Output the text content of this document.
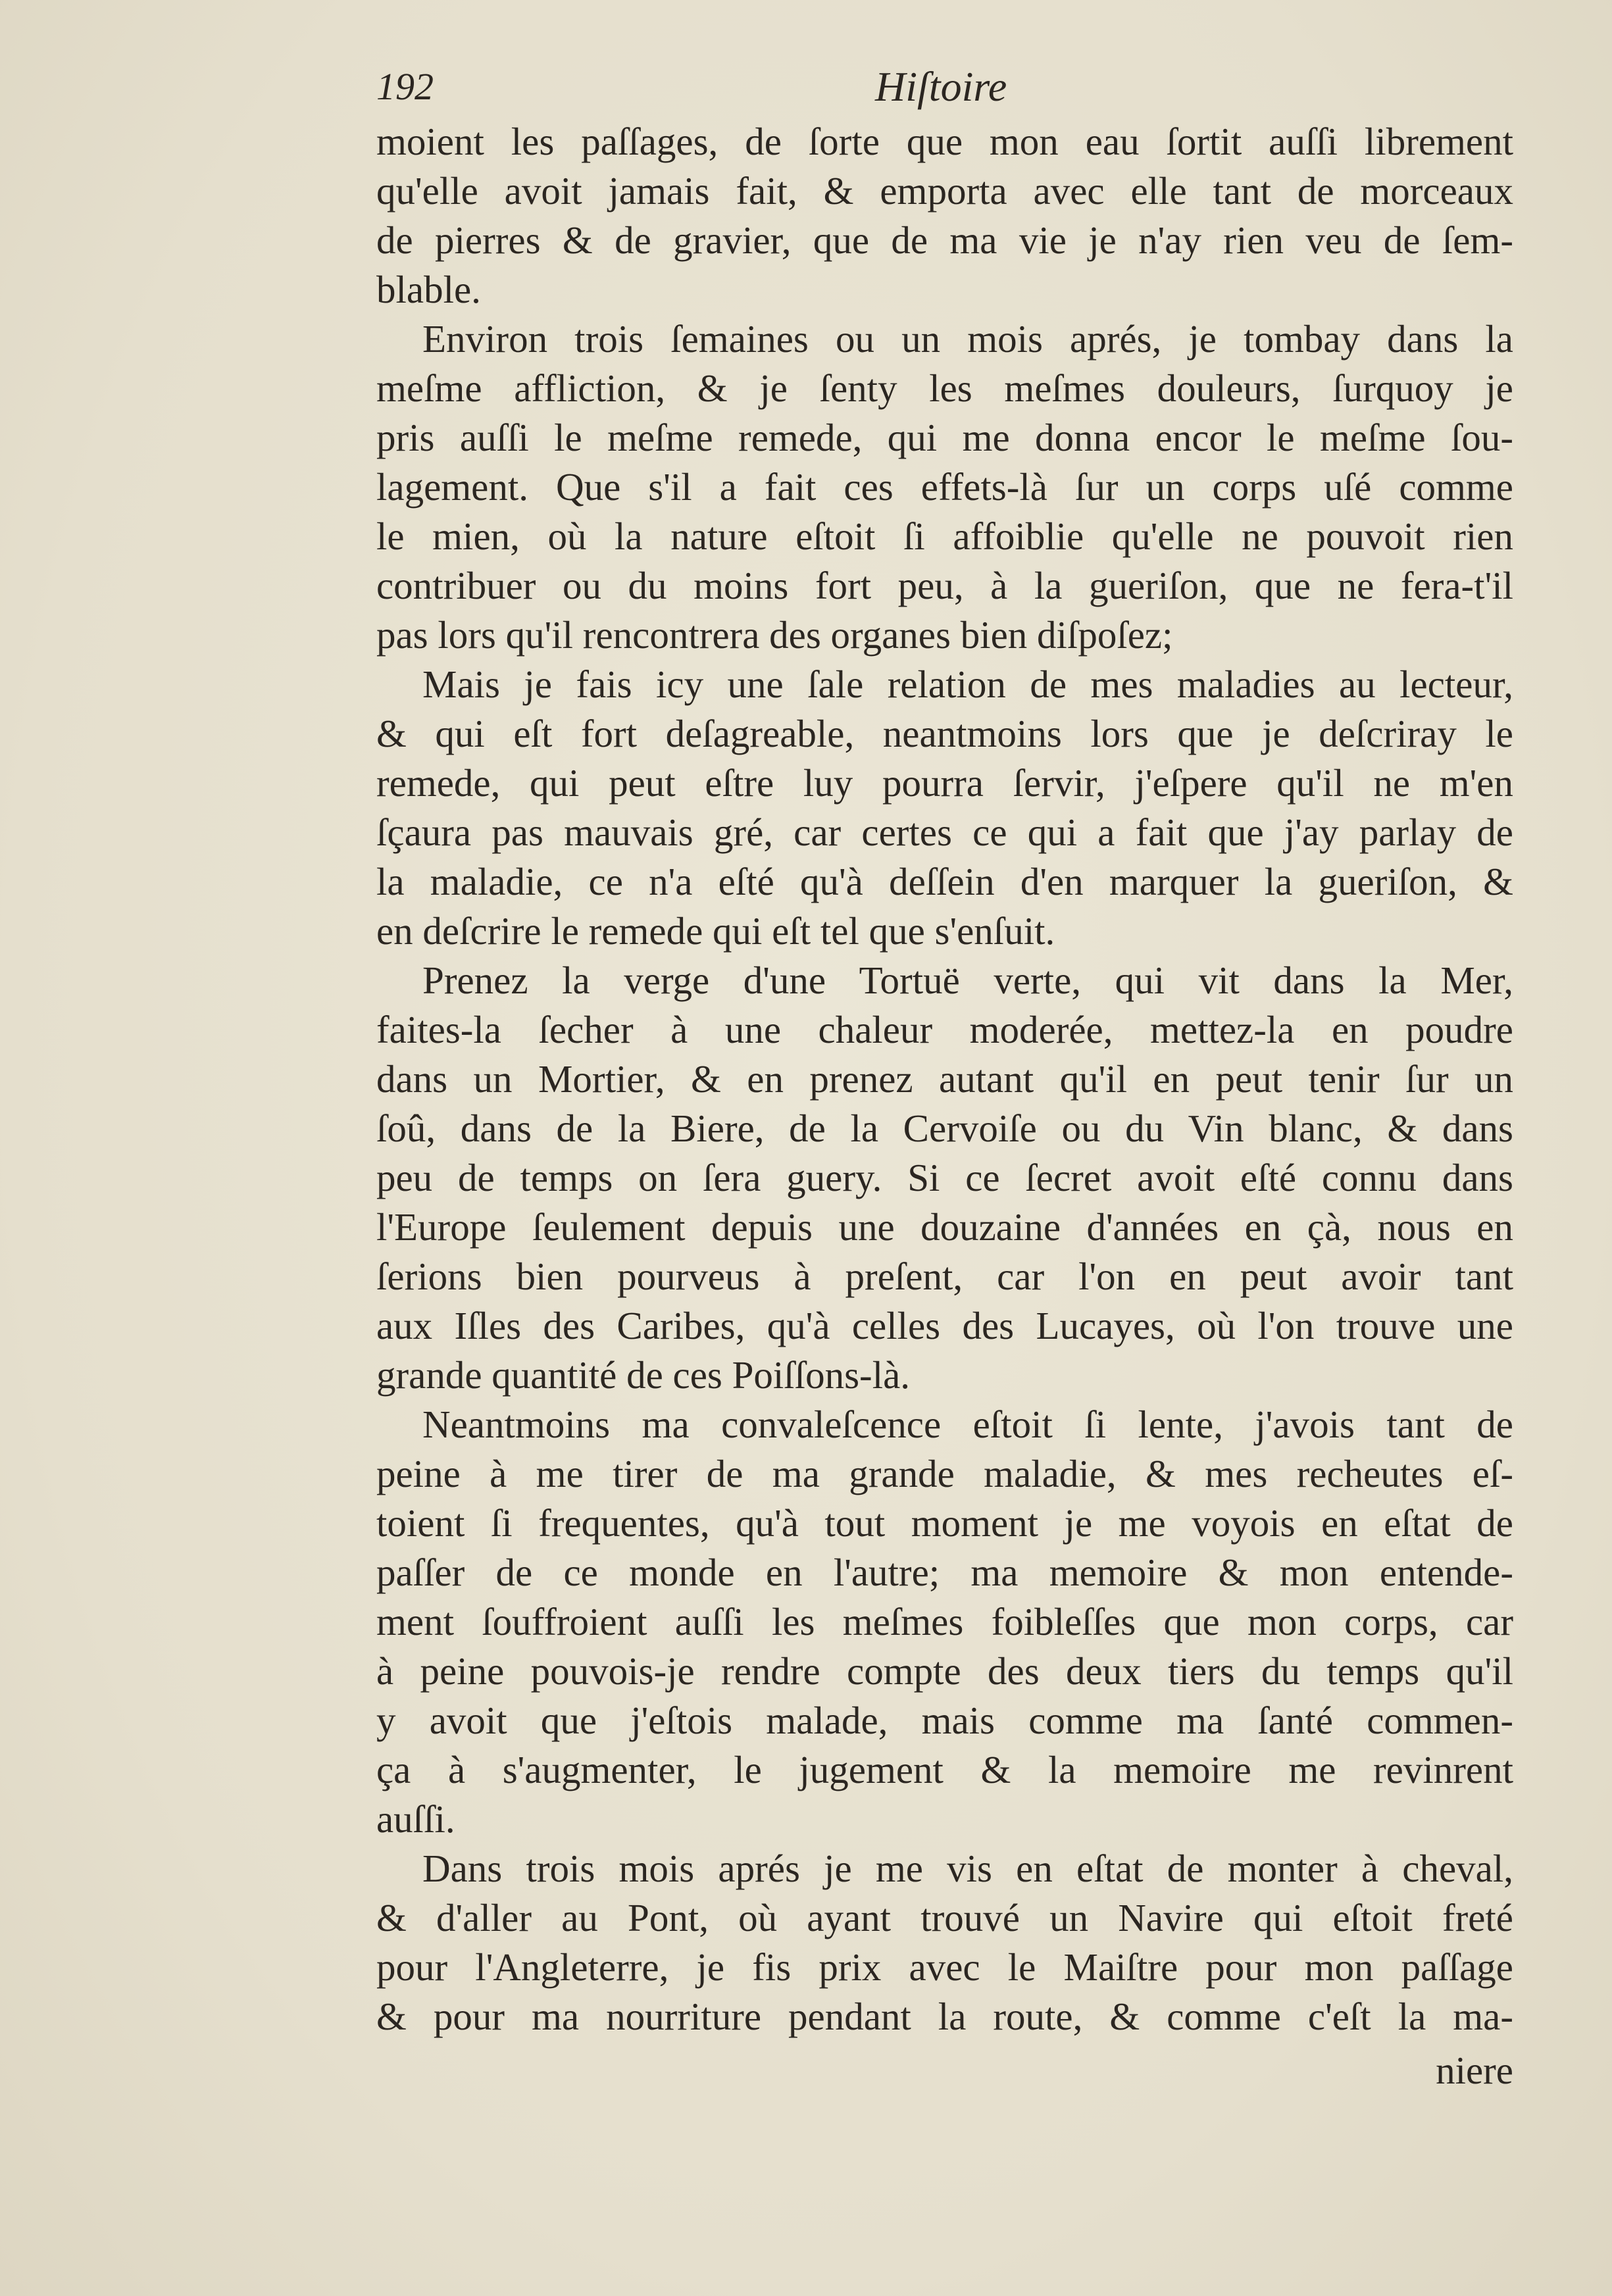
192	Hiſtoire
moient les paſſages, de ſorte que mon eau ſortit auſſi librement
qu'elle avoit jamais fait, & emporta avec elle tant de morceaux
de pierres & de gravier, que de ma vie je n'ay rien veu de ſem-
blable.
Environ trois ſemaines ou un mois aprés, je tombay dans la
meſme affliction, & je ſenty les meſmes douleurs, ſurquoy je
pris auſſi le meſme remede, qui me donna encor le meſme ſou-
lagement. Que s'il a fait ces effets-là ſur un corps uſé comme
le mien, où la nature eſtoit ſi affoiblie qu'elle ne pouvoit rien
contribuer ou du moins fort peu, à la gueriſon, que ne fera-t'il
pas lors qu'il rencontrera des organes bien diſpoſez;
Mais je fais icy une ſale relation de mes maladies au lecteur,
& qui eſt fort deſagreable, neantmoins lors que je deſcriray le
remede, qui peut eſtre luy pourra ſervir, j'eſpere qu'il ne m'en
ſçaura pas mauvais gré, car certes ce qui a fait que j'ay parlay de
la maladie, ce n'a eſté qu'à deſſein d'en marquer la gueriſon, &
en deſcrire le remede qui eſt tel que s'enſuit.
Prenez la verge d'une Tortuë verte, qui vit dans la Mer,
faites-la ſecher à une chaleur moderée, mettez-la en poudre
dans un Mortier, & en prenez autant qu'il en peut tenir ſur un
ſoû, dans de la Biere, de la Cervoiſe ou du Vin blanc, & dans
peu de temps on ſera guery. Si ce ſecret avoit eſté connu dans
l'Europe ſeulement depuis une douzaine d'années en çà, nous en
ſerions bien pourveus à preſent, car l'on en peut avoir tant
aux Iſles des Caribes, qu'à celles des Lucayes, où l'on trouve une
grande quantité de ces Poiſſons-là.
Neantmoins ma convaleſcence eſtoit ſi lente, j'avois tant de
peine à me tirer de ma grande maladie, & mes recheutes eſ-
toient ſi frequentes, qu'à tout moment je me voyois en eſtat de
paſſer de ce monde en l'autre; ma memoire & mon entende-
ment ſouffroient auſſi les meſmes foibleſſes que mon corps, car
à peine pouvois-je rendre compte des deux tiers du temps qu'il
y avoit que j'eſtois malade, mais comme ma ſanté commen-
ça à s'augmenter, le jugement & la memoire me revinrent
auſſi.
Dans trois mois aprés je me vis en eſtat de monter à cheval,
& d'aller au Pont, où ayant trouvé un Navire qui eſtoit freté
pour l'Angleterre, je fis prix avec le Maiſtre pour mon paſſage
& pour ma nourriture pendant la route, & comme c'eſt la ma-
niere
